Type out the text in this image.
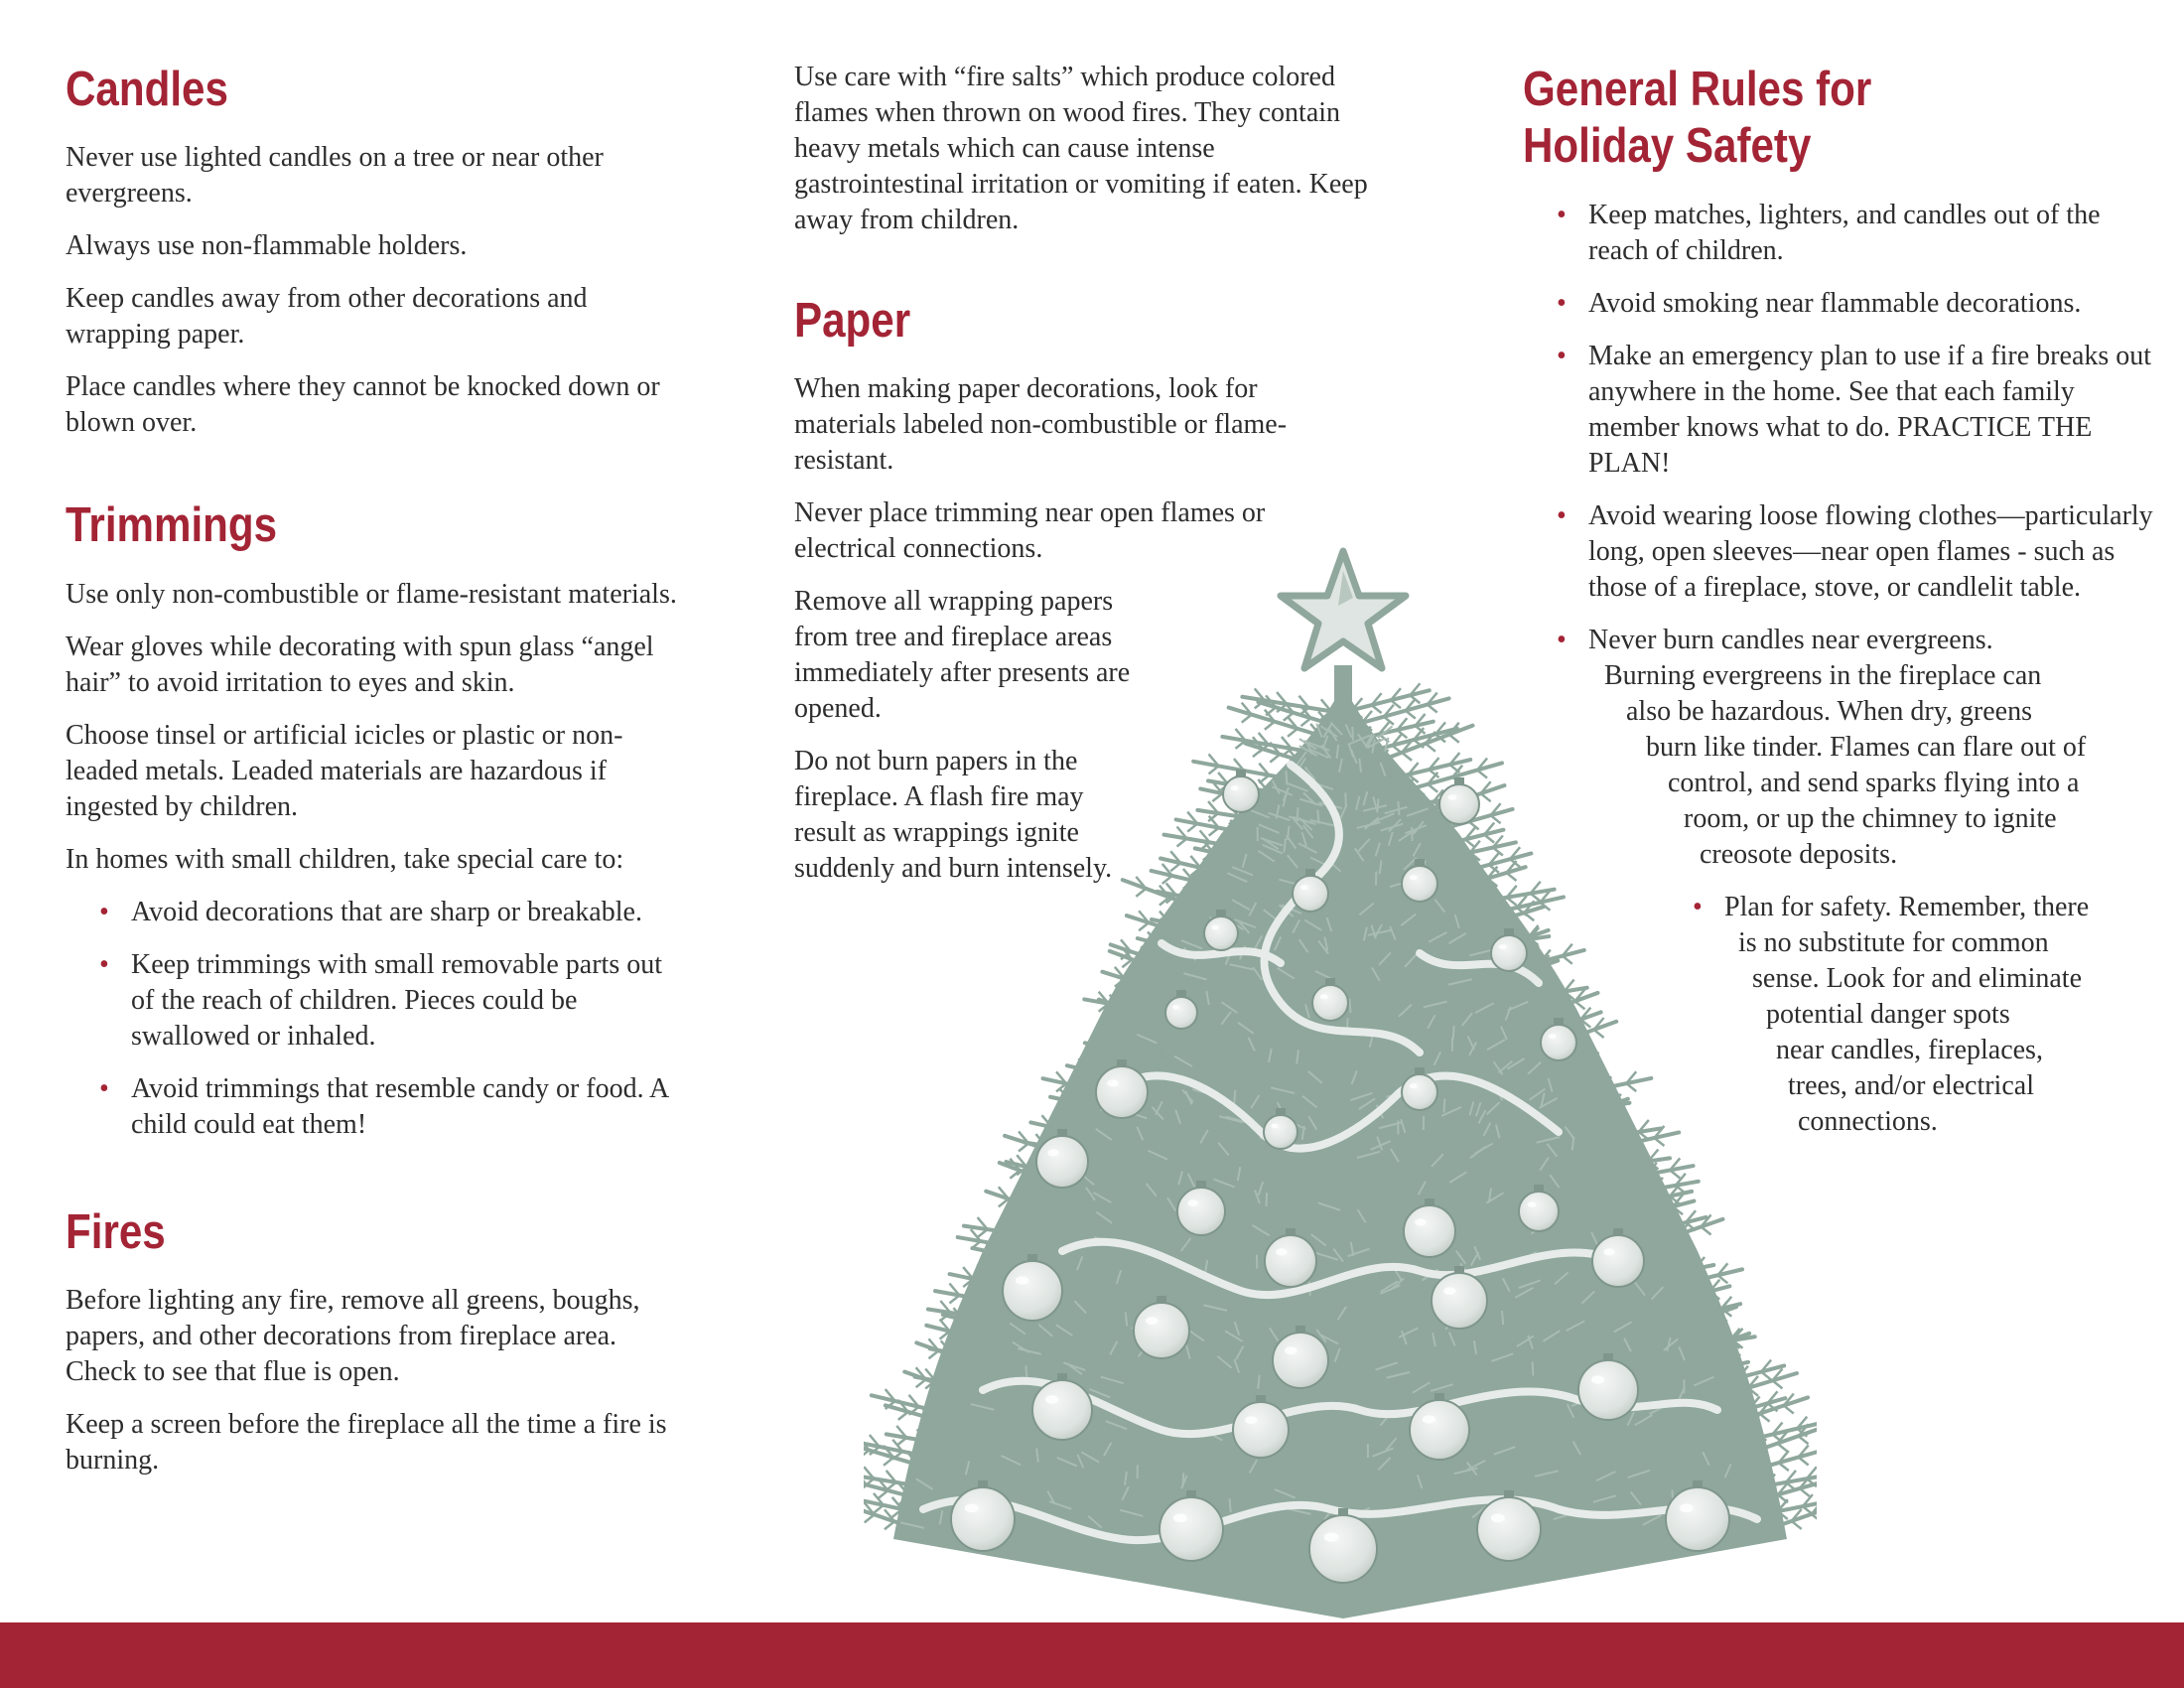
Candles

Never use lighted candles on a tree or near other evergreens.

Always use non-flammable holders.

Keep candles away from other decorations and wrapping paper.

Place candles where they cannot be knocked down or blown over.

Trimmings

Use only non-combustible or flame-resistant materials.

Wear gloves while decorating with spun glass “angel hair” to avoid irritation to eyes and skin.

Choose tinsel or artificial icicles or plastic or non-leaded metals. Leaded materials are hazardous if ingested by children.

In homes with small children, take special care to:

• Avoid decorations that are sharp or breakable.
• Keep trimmings with small removable parts out of the reach of children. Pieces could be swallowed or inhaled.
• Avoid trimmings that resemble candy or food. A child could eat them!
Fires

Before lighting any fire, remove all greens, boughs, papers, and other decorations from fireplace area. Check to see that flue is open.

Keep a screen before the fireplace all the time a fire is burning.

Use care with “fire salts” which produce colored flames when thrown on wood fires. They contain heavy metals which can cause intense gastrointestinal irritation or vomiting if eaten. Keep away from children.

Paper

When making paper decorations, look for materials labeled non-combustible or flame-resistant.

Never place trimming near open flames or electrical connections.

Remove all wrapping papers from tree and fireplace areas immediately after presents are opened.

Do not burn papers in the fireplace. A flash fire may result as wrappings ignite suddenly and burn intensely.

General Rules for
Holiday Safety
• Keep matches, lighters, and candles out of the reach of children.
• Avoid smoking near flammable decorations.
• Make an emergency plan to use if a fire breaks out anywhere in the home. See that each family member knows what to do. PRACTICE THE PLAN!
• Avoid wearing loose flowing clothes—particularly long, open sleeves—near open flames - such as those of a fireplace, stove, or candlelit table.
• Never burn candles near evergreens.
Burning evergreens in the fireplace can
also be hazardous. When dry, greens
burn like tinder. Flames can flare out of
control, and send sparks flying into a
room, or up the chimney to ignite
creosote deposits.
• Plan for safety. Remember, there
is no substitute for common
sense. Look for and eliminate
potential danger spots
near candles, fireplaces,
trees, and/or electrical
connections.
